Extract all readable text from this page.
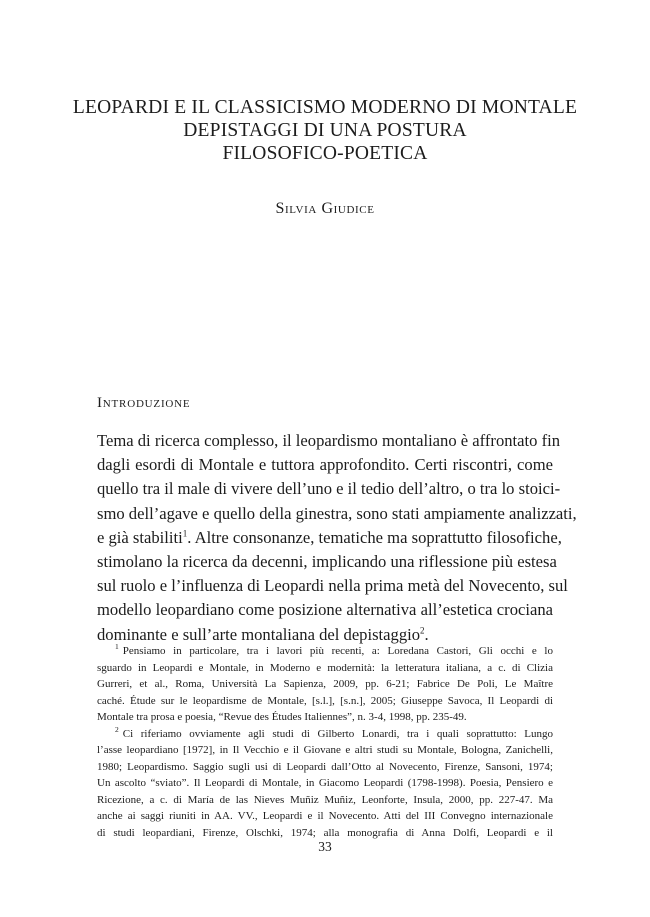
LEOPARDI E IL CLASSICISMO MODERNO DI MONTALE
DEPISTAGGI DI UNA POSTURA
FILOSOFICO-POETICA
Silvia Giudice
Introduzione
Tema di ricerca complesso, il leopardismo montaliano è affrontato fin
dagli esordi di Montale e tuttora approfondito. Certi riscontri, come
quello tra il male di vivere dell’uno e il tedio dell’altro, o tra lo stoici-
smo dell’agave e quello della ginestra, sono stati ampiamente analizzati,
e già stabiliti$^1$. Altre consonanze, tematiche ma soprattutto filosofiche,
stimolano la ricerca da decenni, implicando una riflessione più estesa
sul ruolo e l’influenza di Leopardi nella prima metà del Novecento, sul
modello leopardiano come posizione alternativa all’estetica crociana
dominante e sull’arte montaliana del depistaggio$^2$.
$^1$ Pensiamo in particolare, tra i lavori più recenti, a: Loredana Castori, Gli occhi e lo
sguardo in Leopardi e Montale, in Moderno e modernità: la letteratura italiana, a c. di Clizia
Gurreri, et al., Roma, Università La Sapienza, 2009, pp. 6-21; Fabrice De Poli, Le Maître
caché. Étude sur le leopardisme de Montale, [s.l.], [s.n.], 2005; Giuseppe Savoca, Il Leopardi di
Montale tra prosa e poesia, “Revue des Études Italiennes”, n. 3-4, 1998, pp. 235-49.
$^2$ Ci riferiamo ovviamente agli studi di Gilberto Lonardi, tra i quali soprattutto: Lungo
l’asse leopardiano [1972], in Il Vecchio e il Giovane e altri studi su Montale, Bologna, Zanichelli,
1980; Leopardismo. Saggio sugli usi di Leopardi dall’Otto al Novecento, Firenze, Sansoni, 1974;
Un ascolto “sviato”. Il Leopardi di Montale, in Giacomo Leopardi (1798-1998). Poesia, Pensiero e
Ricezione, a c. di María de las Nieves Muñiz Muñiz, Leonforte, Insula, 2000, pp. 227-47. Ma
anche ai saggi riuniti in AA. VV., Leopardi e il Novecento. Atti del III Convegno internazionale
di studi leopardiani, Firenze, Olschki, 1974; alla monografia di Anna Dolfi, Leopardi e il
33
